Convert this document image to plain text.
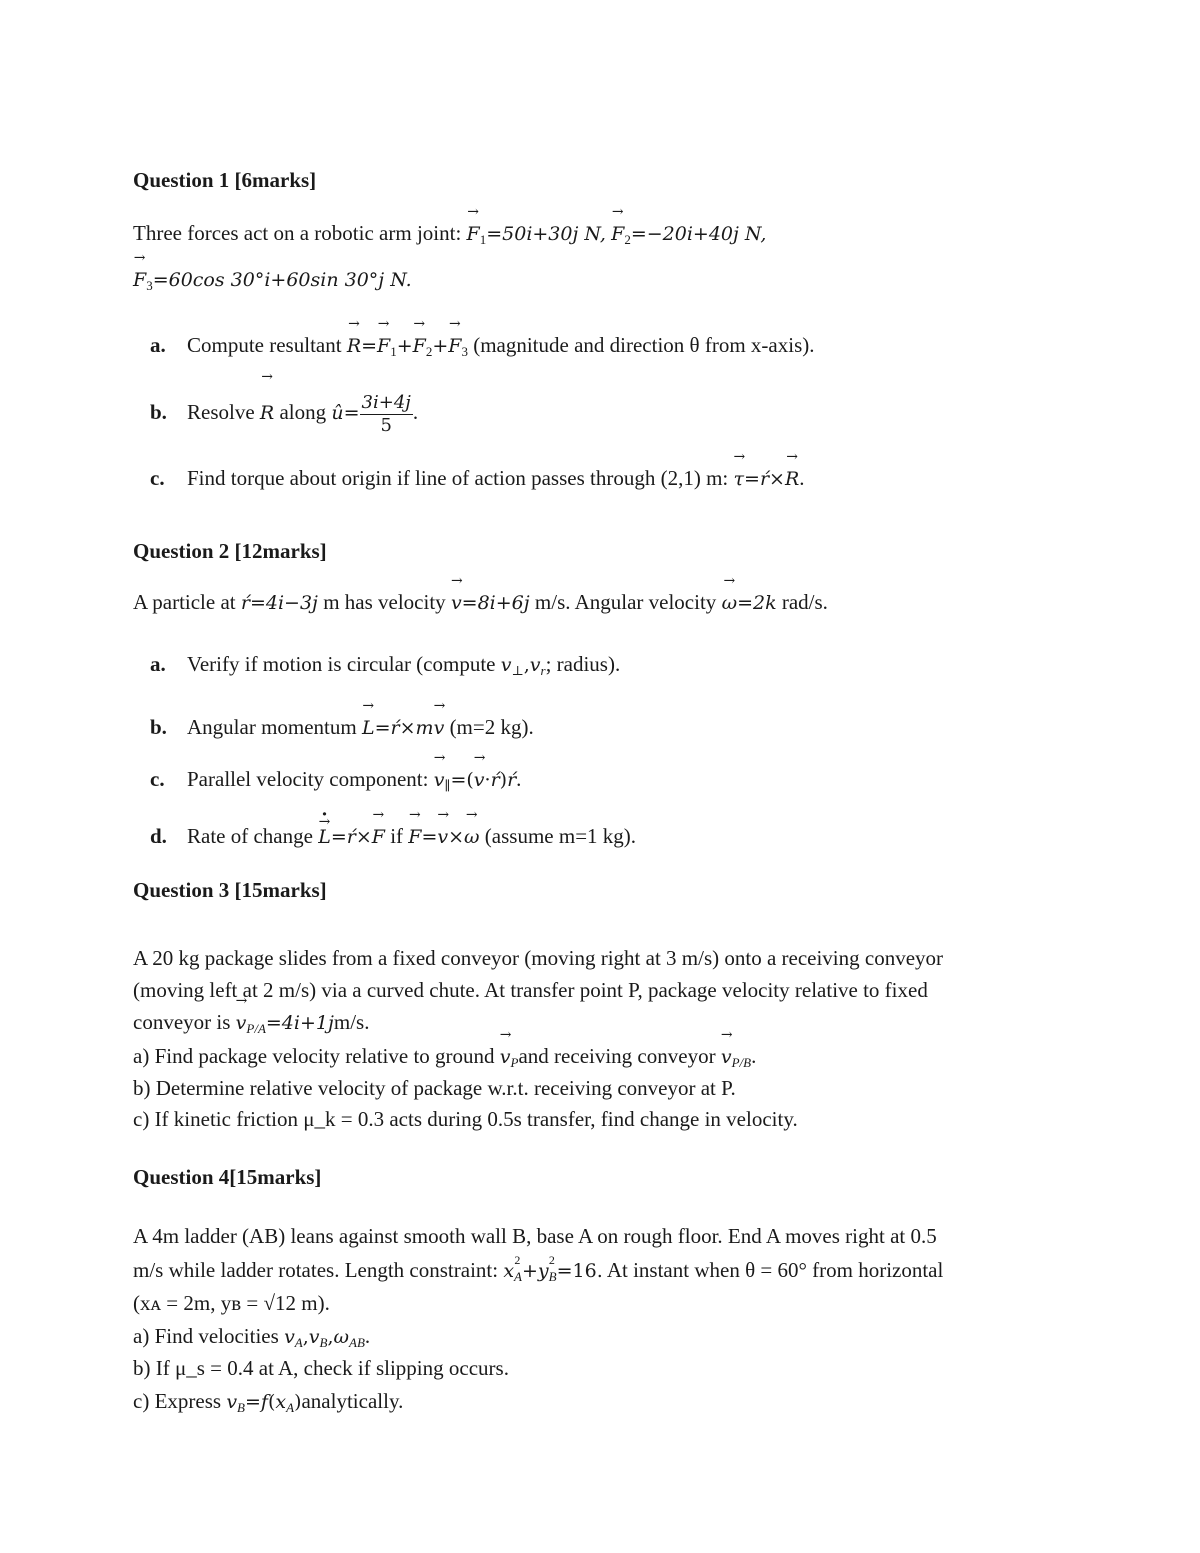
Question 1 [6marks]
Three forces act on a robotic arm joint: → $F_1=50i+30j$ N, → $F_2=-20i+40j$ N,
→ $F_3=60\cos$ 30°i+60sin 30°j N.
a. Compute resultant → $R=\to F_1+\to F_2+\to F_3$ (magnitude and direction θ from x-axis).
b. Resolve → R along û= $\frac{3i+4j}{5}$ .
c. Find torque about origin if line of action passes through (2,1) m: → τ=ŕ×→ R.
Question 2 [12marks]
A particle at ŕ=4i−3j m has velocity → v=8i+6j m/s. Angular velocity → ω=2k rad/s.
a. Verify if motion is circular (compute $v_\perp,v_r$; radius).
b. Angular momentum → L=ŕ×m→ v (m=2 kg).
c. Parallel velocity component: → $v_\parallel=(\to$ v·ŕ)ŕ.
d. Rate of change → L ·=ŕ×→ F if → F=→ v×→ ω (assume m=1 kg).
Question 3 [15marks]
A 20 kg package slides from a fixed conveyor (moving right at 3 m/s) onto a receiving conveyor
(moving left at 2 m/s) via a curved chute. At transfer point P, package velocity relative to fixed
conveyor is → $v_{P/A}=4i+1jm/s$.
a) Find package velocity relative to ground → $v_Pand$ receiving conveyor → $v_{P/B}$.
b) Determine relative velocity of package w.r.t. receiving conveyor at P.
c) If kinetic friction μ_k = 0.3 acts during 0.5s transfer, find change in velocity.
Question 4[15marks]
A 4m ladder (AB) leans against smooth wall B, base A on rough floor. End A moves right at 0.5
m/s while ladder rotates. Length constraint: x 2
$_A$+y 2
$_B$=16. At instant when θ = 60° from horizontal
(xᴀ = 2m, yʙ = √12 m).
a) Find velocities $v_A,v_B,\omega_{AB}$.
b) If μ_s = 0.4 at A, check if slipping occurs.
c) Express $v_B=f(x_A)analytically$.
